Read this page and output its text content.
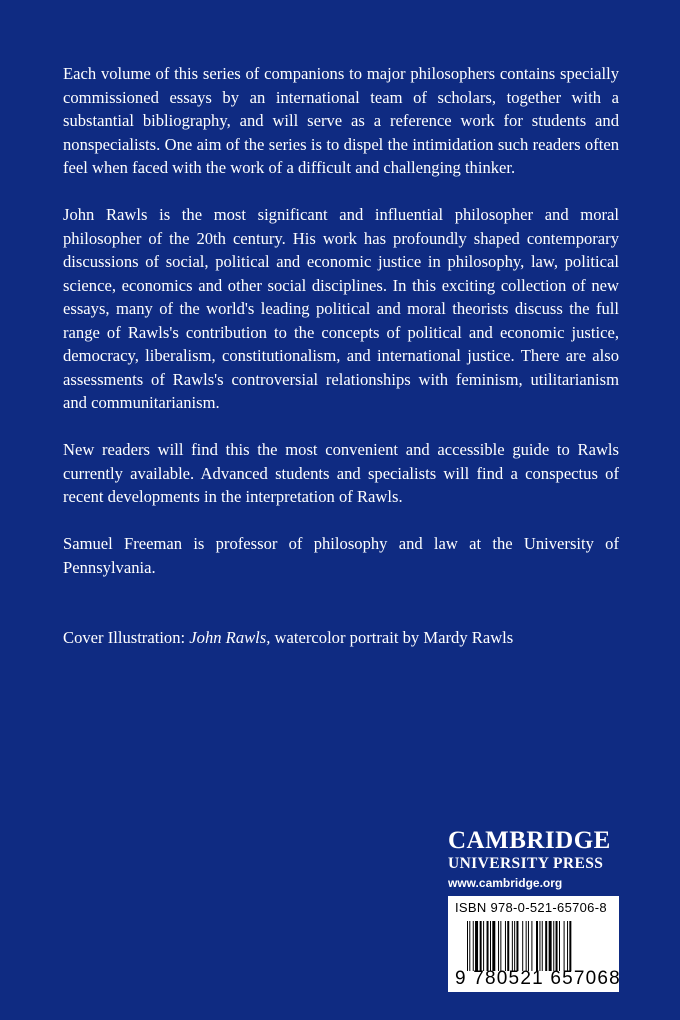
Each volume of this series of companions to major philosophers contains specially commissioned essays by an international team of scholars, together with a substantial bibliography, and will serve as a reference work for students and nonspecialists. One aim of the series is to dispel the intimidation such readers often feel when faced with the work of a difficult and challenging thinker.

John Rawls is the most significant and influential philosopher and moral philosopher of the 20th century. His work has profoundly shaped contemporary discussions of social, political and economic justice in philosophy, law, political science, economics and other social disciplines. In this exciting collection of new essays, many of the world's leading political and moral theorists discuss the full range of Rawls's contribution to the concepts of political and economic justice, democracy, liberalism, constitutionalism, and international justice. There are also assessments of Rawls's controversial relationships with feminism, utilitarianism and communitarianism.

New readers will find this the most convenient and accessible guide to Rawls currently available. Advanced students and specialists will find a conspectus of recent developments in the interpretation of Rawls.

Samuel Freeman is professor of philosophy and law at the University of Pennsylvania.

Cover Illustration: John Rawls, watercolor portrait by Mardy Rawls

CAMBRIDGE
UNIVERSITY PRESS
www.cambridge.org
ISBN 978-0-521-65706-8
9 780521 657068
